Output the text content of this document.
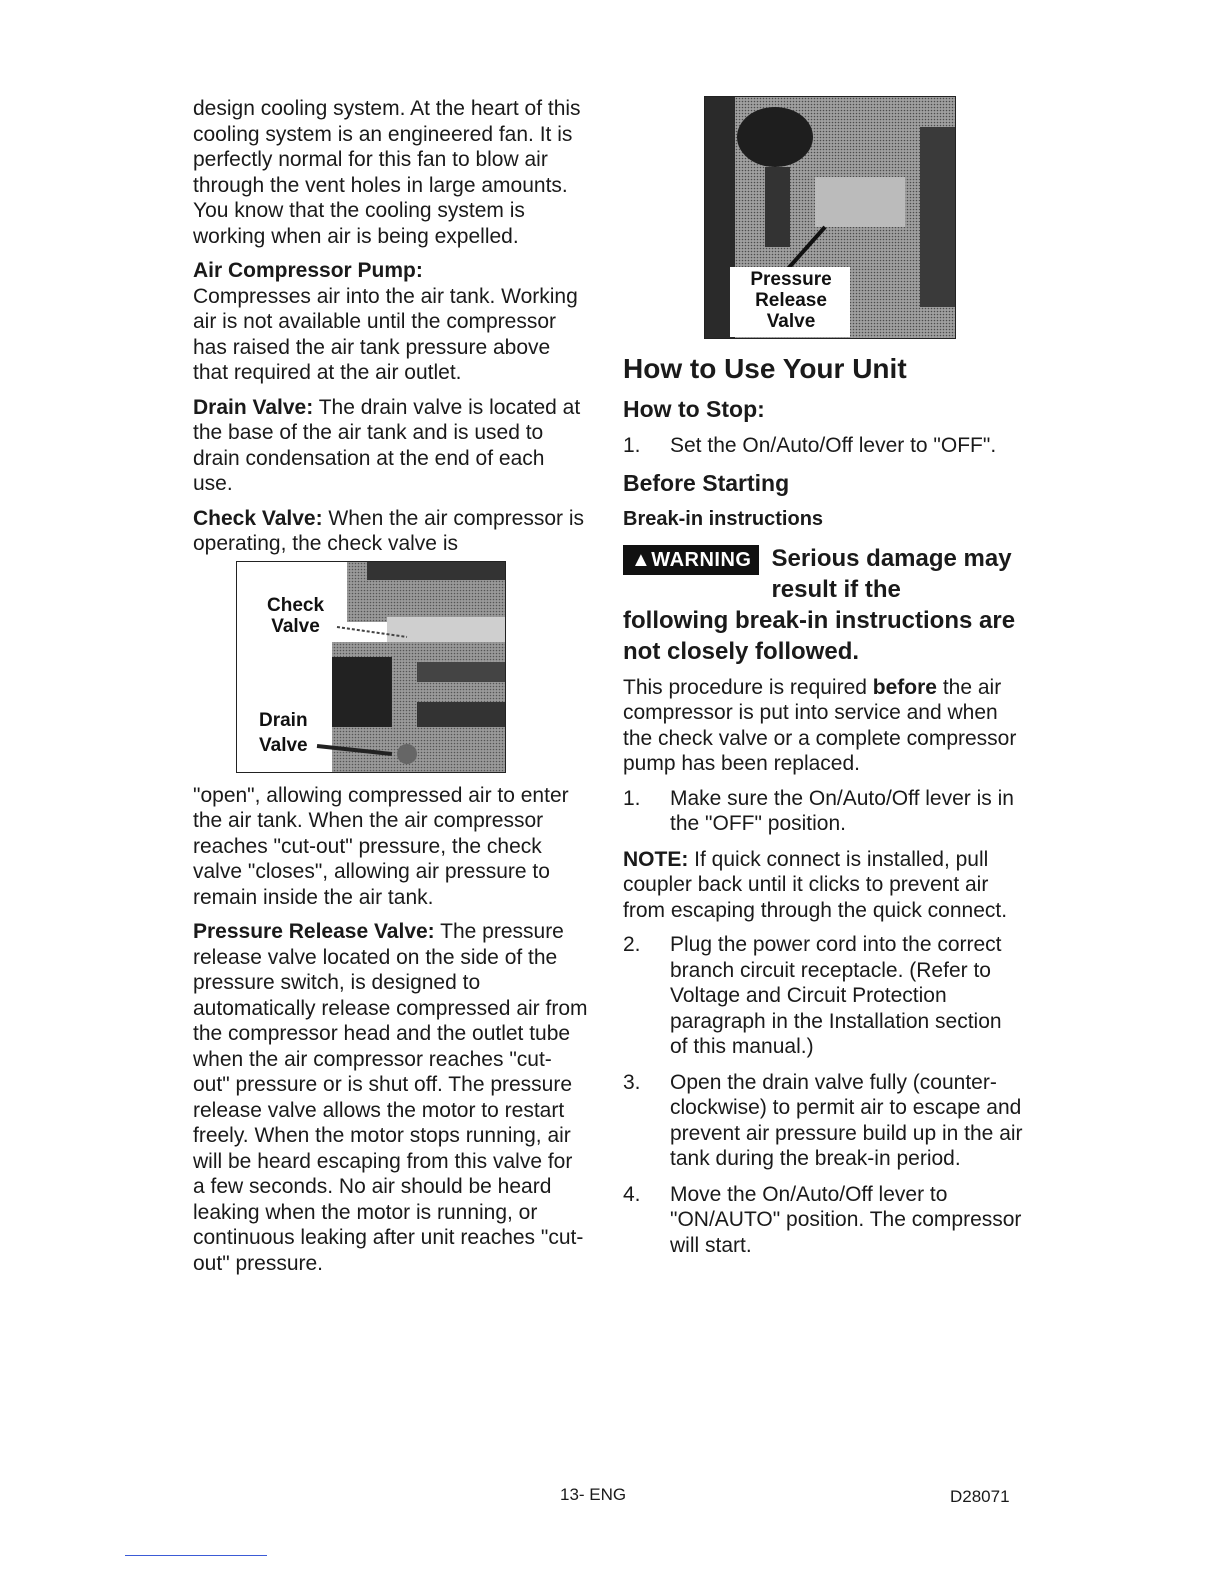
design cooling system. At the heart of this cooling system is an engineered fan. It is perfectly normal for this fan to blow air through the vent holes in large amounts. You know that the cooling system is working when air is being expelled.

Air Compressor Pump:

Compresses air into the air tank. Working air is not available until the compressor has raised the air tank pressure above that required at the air outlet.

Drain Valve: The drain valve is located at the base of the air tank and is used to drain condensation at the end of each use.

Check Valve: When the air compressor is operating, the check valve is

Check
Valve
Drain
Valve

"open", allowing compressed air to enter the air tank. When the air compressor reaches "cut-out" pressure, the check valve "closes", allowing air pressure to remain inside the air tank.

Pressure Release Valve: The pressure release valve located on the side of the pressure switch, is designed to automatically release compressed air from the compressor head and the outlet tube when the air compressor reaches "cut-out" pressure or is shut off. The pressure release valve allows the motor to restart freely. When the motor stops running, air will be heard escaping from this valve for a few seconds. No air should be heard leaking when the motor is running, or continuous leaking after unit reaches "cut-out" pressure.

Pressure
Release
Valve
How to Use Your Unit
How to Stop:
1.	Set the On/Auto/Off lever to "OFF".
Before Starting
Break-in instructions
▲WARNING Serious damage may result if the
following break-in instructions are not closely followed.

This procedure is required before the air compressor is put into service and when the check valve or a complete compressor pump has been replaced.

1.	Make sure the On/Auto/Off lever is in the "OFF" position.

NOTE: If quick connect is installed, pull coupler back until it clicks to prevent air from escaping through the quick connect.

2.	Plug the power cord into the correct branch circuit receptacle. (Refer to Voltage and Circuit Protection paragraph in the Installation section of this manual.)
3.	Open the drain valve fully (counter-clockwise) to permit air to escape and prevent air pressure build up in the air tank during the break-in period.
4.	Move the On/Auto/Off lever to "ON/AUTO" position. The compressor will start.
13- ENG	D28071
